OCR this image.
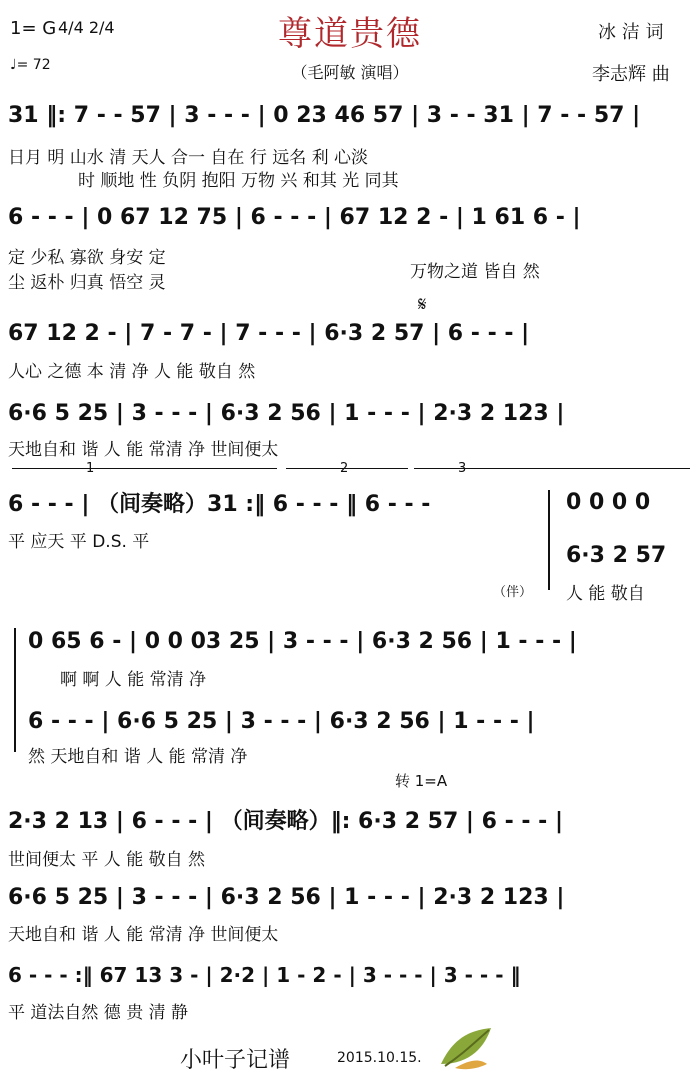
1= G 4/4 2/4
♩= 72
尊道贵德
（毛阿敏 演唱）
冰 洁 词
李志辉 曲
31 ‖: 7 - - 57 | 3 - - - | 0 23 46 57 | 3 - - 31 | 7 - - 57 |
日月 明 山水 清 天人 合一 自在 行 远名 利 心淡
时 顺地 性 负阴 抱阳 万物 兴 和其 光 同其
6 - - - | 0 67 12 75 | 6 - - - | 67 12 2 - | 1 61 6 - |
定 少私 寡欲 身安 定
尘 返朴 归真 悟空 灵
万物之道 皆自 然
𝄋
67 12 2 - | 7 - 7 - | 7 - - - | 6·3 2 57 | 6 - - - |
人心 之德 本 清 净 人 能 敬自 然
6·6 5 25 | 3 - - - | 6·3 2 56 | 1 - - - | 2·3 2 123 |
天地自和 谐 人 能 常清 净 世间便太
1	2	3
6 - - - | （间奏略）31 :‖ 6 - - - ‖ 6 - - -
平 应天 平 D.S. 平
0 0 0 0
6·3 2 57
人 能 敬自
（伴）
0 65 6 - | 0 0 03 25 | 3 - - - | 6·3 2 56 | 1 - - - |
啊 啊 人 能 常清 净
6 - - - | 6·6 5 25 | 3 - - - | 6·3 2 56 | 1 - - - |
然 天地自和 谐 人 能 常清 净
转 1=A
2·3 2 13 | 6 - - - | （间奏略）‖: 6·3 2 57 | 6 - - - |
世间便太 平 人 能 敬自 然
6·6 5 25 | 3 - - - | 6·3 2 56 | 1 - - - | 2·3 2 123 |
天地自和 谐 人 能 常清 净 世间便太
6 - - - :‖ 67 13 3 - | 2·2 | 1 - 2 - | 3 - - - | 3 - - - ‖
平 道法自然 德 贵 清 静
小叶子记谱	2015.10.15.
